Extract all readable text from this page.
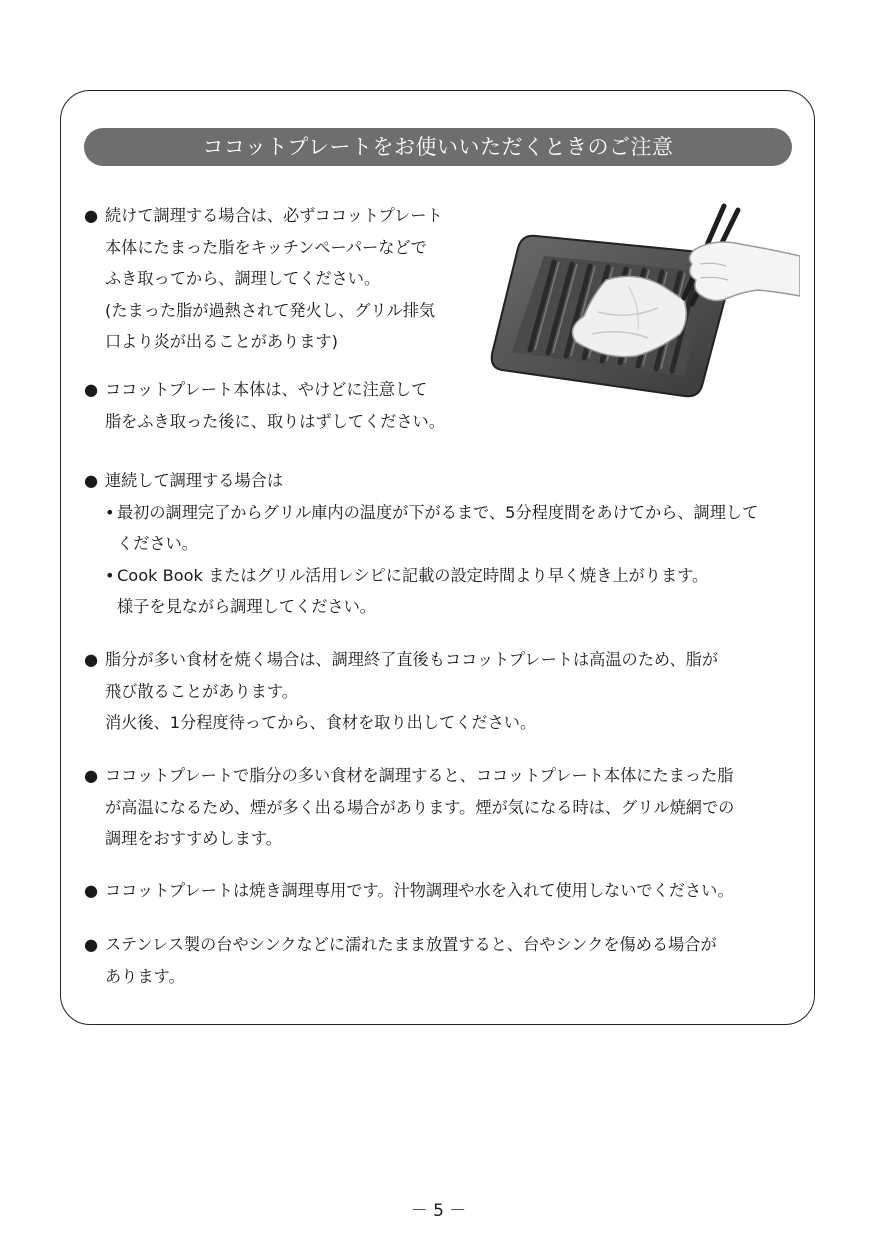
ココットプレートをお使いいただくときのご注意
● 続けて調理する場合は、必ずココットプレート
本体にたまった脂をキッチンペーパーなどで
ふき取ってから、調理してください。
(たまった脂が過熱されて発火し、グリル排気
口より炎が出ることがあります)
● ココットプレート本体は、やけどに注意して
脂をふき取った後に、取りはずしてください。
● 連続して調理する場合は
• 最初の調理完了からグリル庫内の温度が下がるまで、5分程度間をあけてから、調理して
ください。
• Cook Book またはグリル活用レシピに記載の設定時間より早く焼き上がります。
様子を見ながら調理してください。
● 脂分が多い食材を焼く場合は、調理終了直後もココットプレートは高温のため、脂が
飛び散ることがあります。
消火後、1分程度待ってから、食材を取り出してください。
● ココットプレートで脂分の多い食材を調理すると、ココットプレート本体にたまった脂
が高温になるため、煙が多く出る場合があります。煙が気になる時は、グリル焼網での
調理をおすすめします。
● ココットプレートは焼き調理専用です。汁物調理や水を入れて使用しないでください。
● ステンレス製の台やシンクなどに濡れたまま放置すると、台やシンクを傷める場合が
あります。
－ 5 －
